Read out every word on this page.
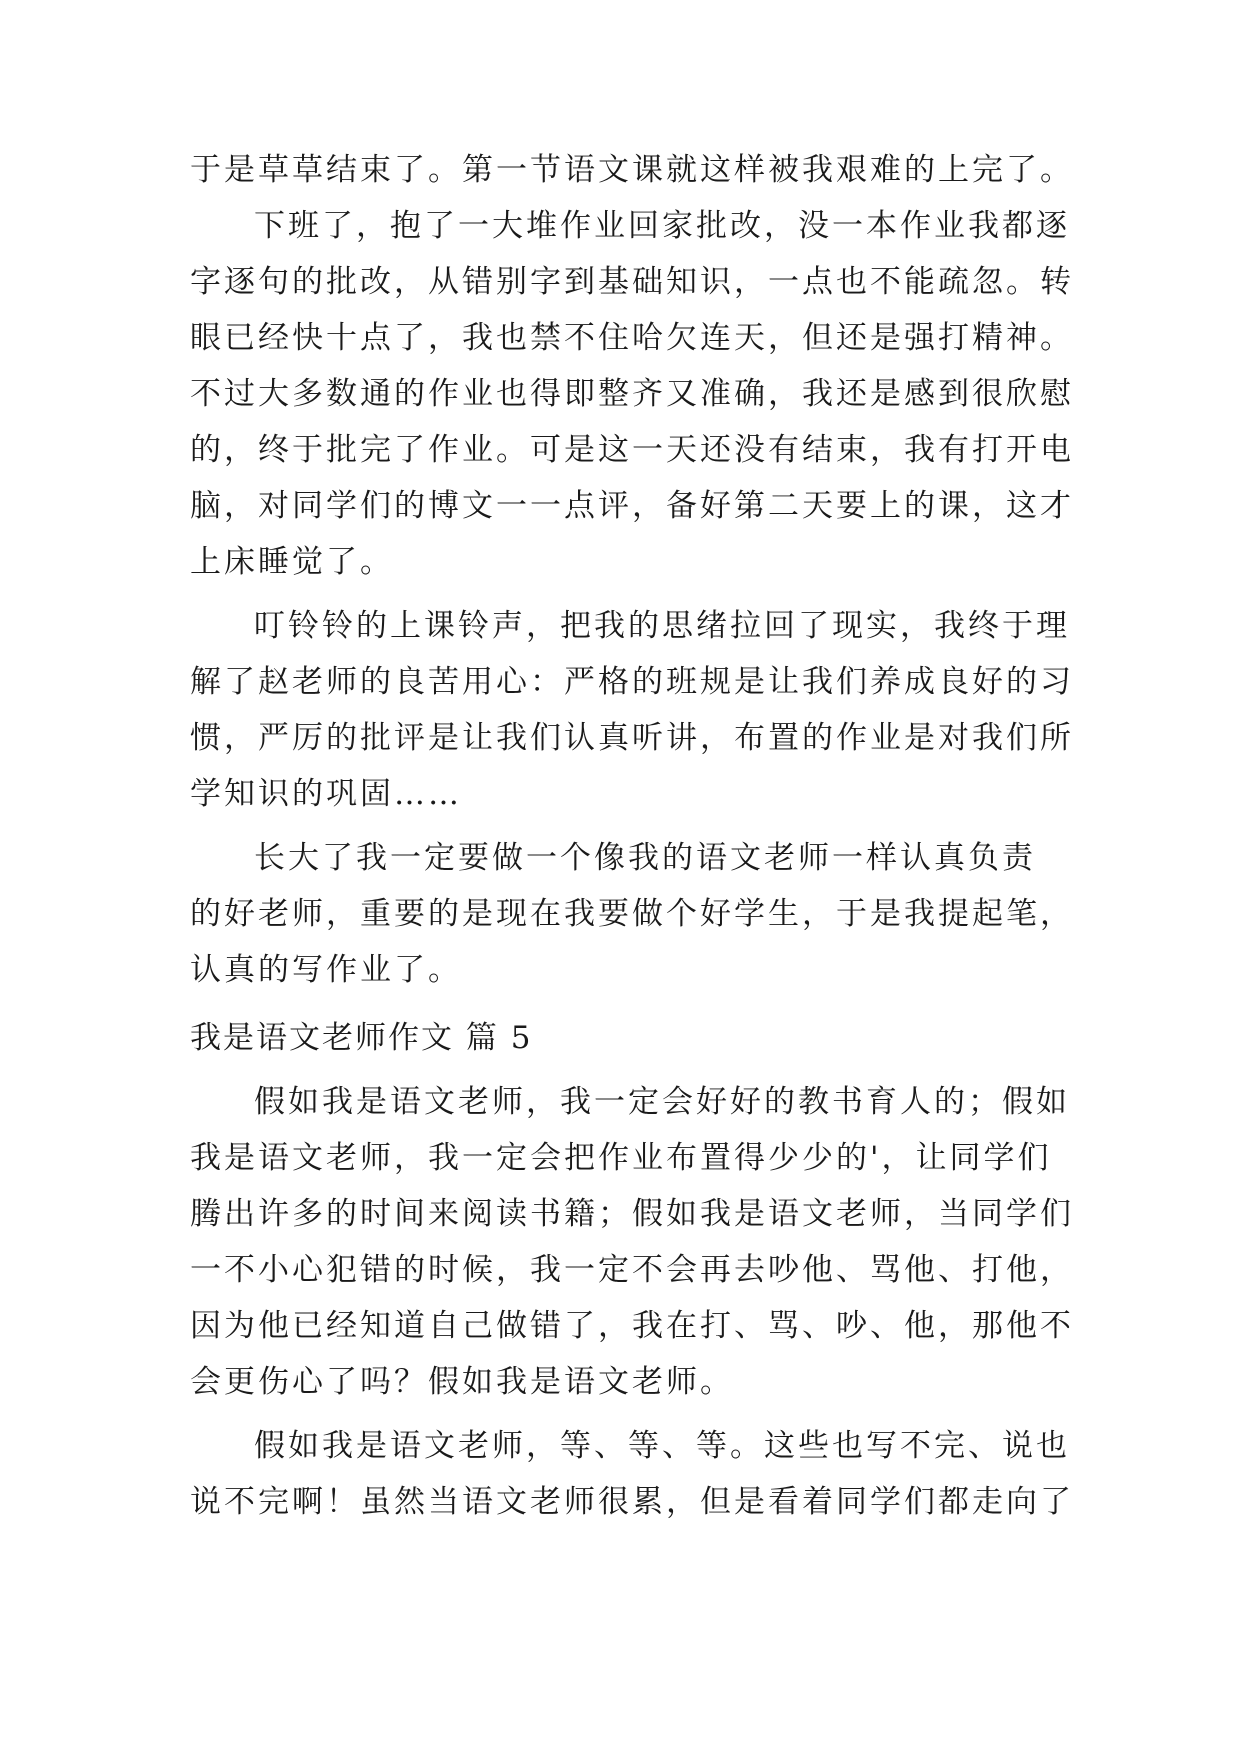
于是草草结束了。第一节语文课就这样被我艰难的上完了。
下班了，抱了一大堆作业回家批改，没一本作业我都逐
字逐句的批改，从错别字到基础知识，一点也不能疏忽。转
眼已经快十点了，我也禁不住哈欠连天，但还是强打精神。
不过大多数通的作业也得即整齐又准确，我还是感到很欣慰
的，终于批完了作业。可是这一天还没有结束，我有打开电
脑，对同学们的博文一一点评，备好第二天要上的课，这才
上床睡觉了。
叮铃铃的上课铃声，把我的思绪拉回了现实，我终于理
解了赵老师的良苦用心：严格的班规是让我们养成良好的习
惯，严厉的批评是让我们认真听讲，布置的作业是对我们所
学知识的巩固……
长大了我一定要做一个像我的语文老师一样认真负责
的好老师，重要的是现在我要做个好学生，于是我提起笔，
认真的写作业了。
我是语文老师作文 篇 5
假如我是语文老师，我一定会好好的教书育人的；假如
我是语文老师，我一定会把作业布置得少少的'，让同学们
腾出许多的时间来阅读书籍；假如我是语文老师，当同学们
一不小心犯错的时候，我一定不会再去吵他、骂他、打他，
因为他已经知道自己做错了，我在打、骂、吵、他，那他不
会更伤心了吗？假如我是语文老师。
假如我是语文老师，等、等、等。这些也写不完、说也
说不完啊！虽然当语文老师很累，但是看着同学们都走向了
